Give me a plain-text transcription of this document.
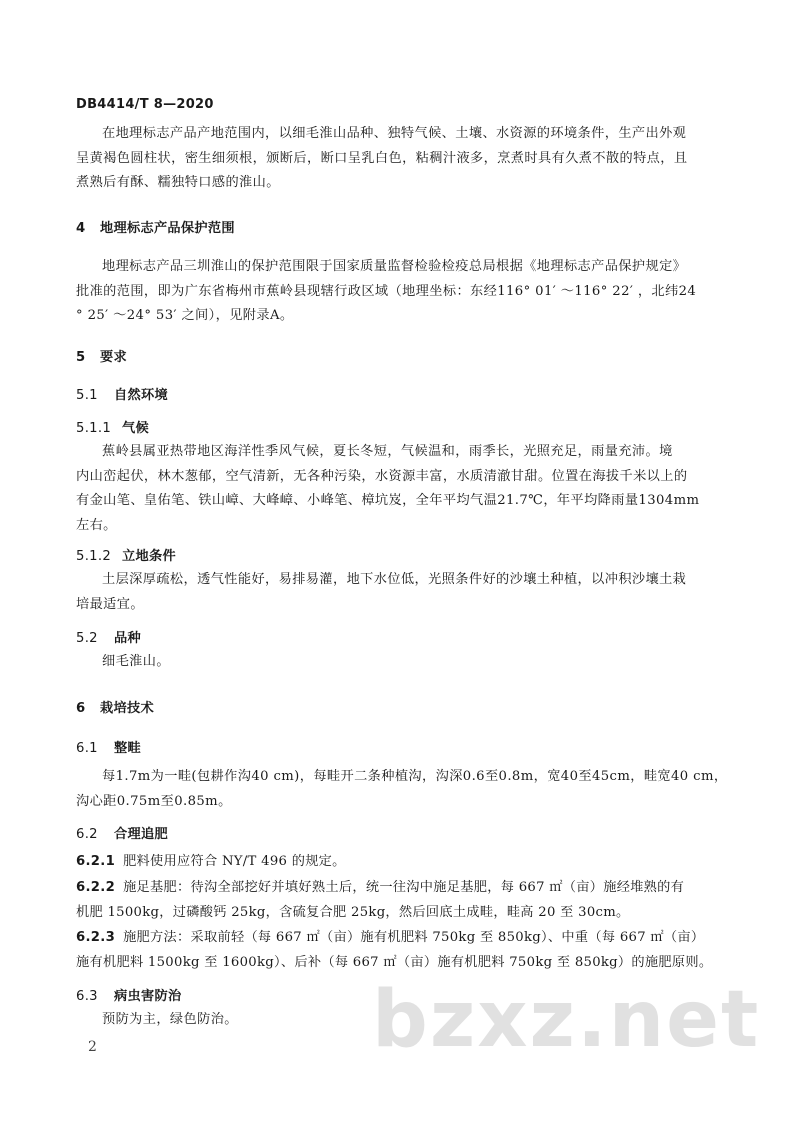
DB4414/T 8—2020
在地理标志产品产地范围内，以细毛淮山品种、独特气候、土壤、水资源的环境条件，生产出外观
呈黄褐色圆柱状，密生细须根，颁断后，断口呈乳白色，粘稠汁液多，烹煮时具有久煮不散的特点，且
煮熟后有酥、糯独特口感的淮山。
4 地理标志产品保护范围
地理标志产品三圳淮山的保护范围限于国家质量监督检验检疫总局根据《地理标志产品保护规定》
批准的范围，即为广东省梅州市蕉岭县现辖行政区域（地理坐标：东经116° 01′ ～116° 22′ ，北纬24
° 25′ ～24° 53′ 之间），见附录A。
5 要求
5.1 自然环境
5.1.1 气候
蕉岭县属亚热带地区海洋性季风气候，夏长冬短，气候温和，雨季长，光照充足，雨量充沛。境
内山峦起伏，林木葱郁，空气清新，无各种污染，水资源丰富，水质清澈甘甜。位置在海拔千米以上的
有金山笔、皇佑笔、铁山嶂、大峰嶂、小峰笔、樟坑岌，全年平均气温21.7℃，年平均降雨量1304mm
左右。
5.1.2 立地条件
土层深厚疏松，透气性能好，易排易灌，地下水位低，光照条件好的沙壤土种植，以冲积沙壤土栽
培最适宜。
5.2 品种
细毛淮山。
6 栽培技术
6.1 整畦
每1.7m为一畦(包耕作沟40 cm)，每畦开二条种植沟，沟深0.6至0.8m，宽40至45cm，畦宽40 cm，
沟心距0.75m至0.85m。
6.2 合理追肥
6.2.1 肥料使用应符合 NY/T 496 的规定。
6.2.2 施足基肥：待沟全部挖好并填好熟土后，统一往沟中施足基肥，每 667 ㎡（亩）施经堆熟的有
机肥 1500kg，过磷酸钙 25kg，含硫复合肥 25kg，然后回底土成畦，畦高 20 至 30cm。
6.2.3 施肥方法：采取前轻（每 667 ㎡（亩）施有机肥料 750kg 至 850kg）、中重（每 667 ㎡（亩）
施有机肥料 1500kg 至 1600kg）、后补（每 667 ㎡（亩）施有机肥料 750kg 至 850kg）的施肥原则。
6.3 病虫害防治
预防为主，绿色防治。	bzxz.net
2
